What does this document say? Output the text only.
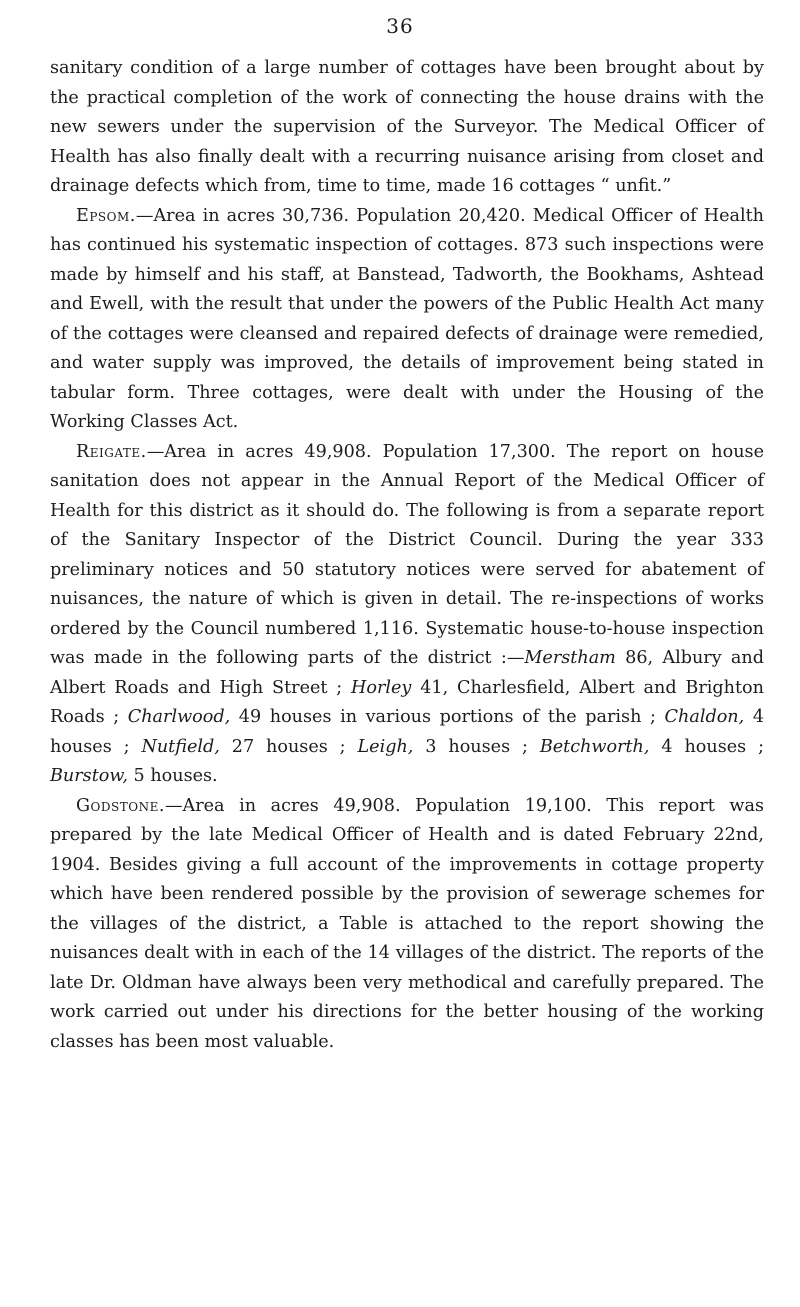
36

sanitary condition of a large number of cottages have been brought about by the practical completion of the work of connecting the house drains with the new sewers under the supervision of the Surveyor. The Medical Officer of Health has also finally dealt with a recurring nuisance arising from closet and drainage defects which from, time to time, made 16 cottages “ unfit.”

Epsom.—Area in acres 30,736. Population 20,420. Medical Officer of Health has continued his systematic inspection of cottages. 873 such inspections were made by himself and his staff, at Banstead, Tadworth, the Bookhams, Ashtead and Ewell, with the result that under the powers of the Public Health Act many of the cottages were cleansed and repaired defects of drainage were remedied, and water supply was improved, the details of improvement being stated in tabular form. Three cottages, were dealt with under the Housing of the Working Classes Act.

Reigate.—Area in acres 49,908. Population 17,300. The report on house sanitation does not appear in the Annual Report of the Medical Officer of Health for this district as it should do. The following is from a separate report of the Sanitary Inspector of the District Council. During the year 333 preliminary notices and 50 statutory notices were served for abatement of nuisances, the nature of which is given in detail. The re-inspections of works ordered by the Council numbered 1,116. Systematic house-to-house inspection was made in the following parts of the district :—Merstham 86, Albury and Albert Roads and High Street ; Horley 41, Charlesfield, Albert and Brighton Roads ; Charlwood, 49 houses in various portions of the parish ; Chaldon, 4 houses ; Nutfield, 27 houses ; Leigh, 3 houses ; Betchworth, 4 houses ; Burstow, 5 houses.

Godstone.—Area in acres 49,908. Population 19,100. This report was prepared by the late Medical Officer of Health and is dated February 22nd, 1904. Besides giving a full account of the improvements in cottage property which have been rendered possible by the provision of sewerage schemes for the villages of the district, a Table is attached to the report showing the nuisances dealt with in each of the 14 villages of the district. The reports of the late Dr. Oldman have always been very methodical and carefully prepared. The work carried out under his directions for the better housing of the working classes has been most valuable.
